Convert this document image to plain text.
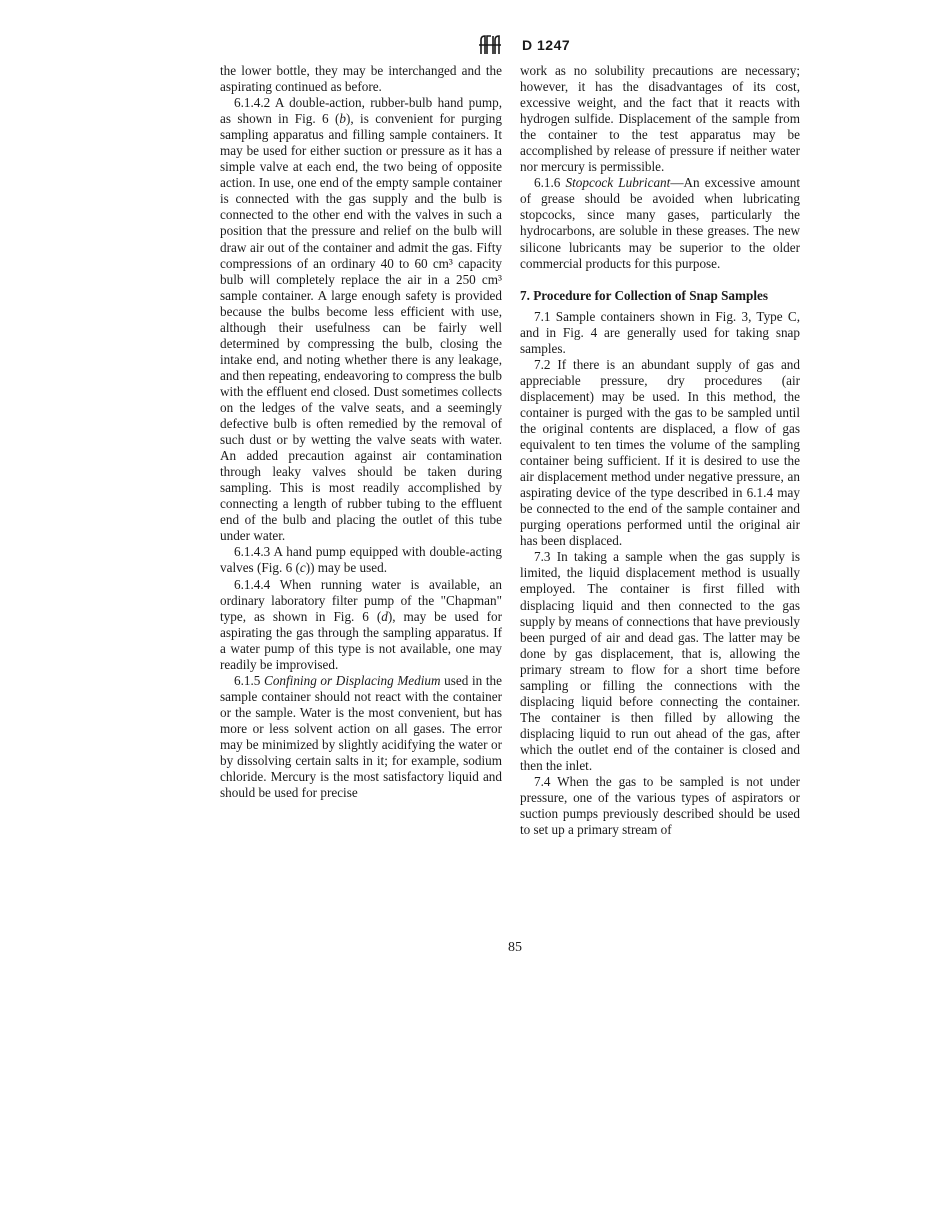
D 1247

the lower bottle, they may be interchanged and the aspirating continued as before.

6.1.4.2 A double-action, rubber-bulb hand pump, as shown in Fig. 6 (b), is convenient for purging sampling apparatus and filling sample containers. It may be used for either suction or pressure as it has a simple valve at each end, the two being of opposite action. In use, one end of the empty sample container is connected with the gas supply and the bulb is connected to the other end with the valves in such a position that the pressure and relief on the bulb will draw air out of the container and admit the gas. Fifty compressions of an ordinary 40 to 60 cm³ capacity bulb will completely replace the air in a 250 cm³ sample container. A large enough safety is provided because the bulbs become less efficient with use, although their usefulness can be fairly well determined by compressing the bulb, closing the intake end, and noting whether there is any leakage, and then repeating, endeavoring to compress the bulb with the effluent end closed. Dust sometimes collects on the ledges of the valve seats, and a seemingly defective bulb is often remedied by the removal of such dust or by wetting the valve seats with water. An added precaution against air contamination through leaky valves should be taken during sampling. This is most readily accomplished by connecting a length of rubber tubing to the effluent end of the bulb and placing the outlet of this tube under water.

6.1.4.3 A hand pump equipped with double-acting valves (Fig. 6 (c)) may be used.

6.1.4.4 When running water is available, an ordinary laboratory filter pump of the "Chapman" type, as shown in Fig. 6 (d), may be used for aspirating the gas through the sampling apparatus. If a water pump of this type is not available, one may readily be improvised.

6.1.5 Confining or Displacing Medium used in the sample container should not react with the container or the sample. Water is the most convenient, but has more or less solvent action on all gases. The error may be minimized by slightly acidifying the water or by dissolving certain salts in it; for example, sodium chloride. Mercury is the most satisfactory liquid and should be used for precise

work as no solubility precautions are necessary; however, it has the disadvantages of its cost, excessive weight, and the fact that it reacts with hydrogen sulfide. Displacement of the sample from the container to the test apparatus may be accomplished by release of pressure if neither water nor mercury is permissible.

6.1.6 Stopcock Lubricant—An excessive amount of grease should be avoided when lubricating stopcocks, since many gases, particularly the hydrocarbons, are soluble in these greases. The new silicone lubricants may be superior to the older commercial products for this purpose.

7. Procedure for Collection of Snap Samples

7.1 Sample containers shown in Fig. 3, Type C, and in Fig. 4 are generally used for taking snap samples.

7.2 If there is an abundant supply of gas and appreciable pressure, dry procedures (air displacement) may be used. In this method, the container is purged with the gas to be sampled until the original contents are displaced, a flow of gas equivalent to ten times the volume of the sampling container being sufficient. If it is desired to use the air displacement method under negative pressure, an aspirating device of the type described in 6.1.4 may be connected to the end of the sample container and purging operations performed until the original air has been displaced.

7.3 In taking a sample when the gas supply is limited, the liquid displacement method is usually employed. The container is first filled with displacing liquid and then connected to the gas supply by means of connections that have previously been purged of air and dead gas. The latter may be done by gas displacement, that is, allowing the primary stream to flow for a short time before sampling or filling the connections with the displacing liquid before connecting the container. The container is then filled by allowing the displacing liquid to run out ahead of the gas, after which the outlet end of the container is closed and then the inlet.

7.4 When the gas to be sampled is not under pressure, one of the various types of aspirators or suction pumps previously described should be used to set up a primary stream of

85
